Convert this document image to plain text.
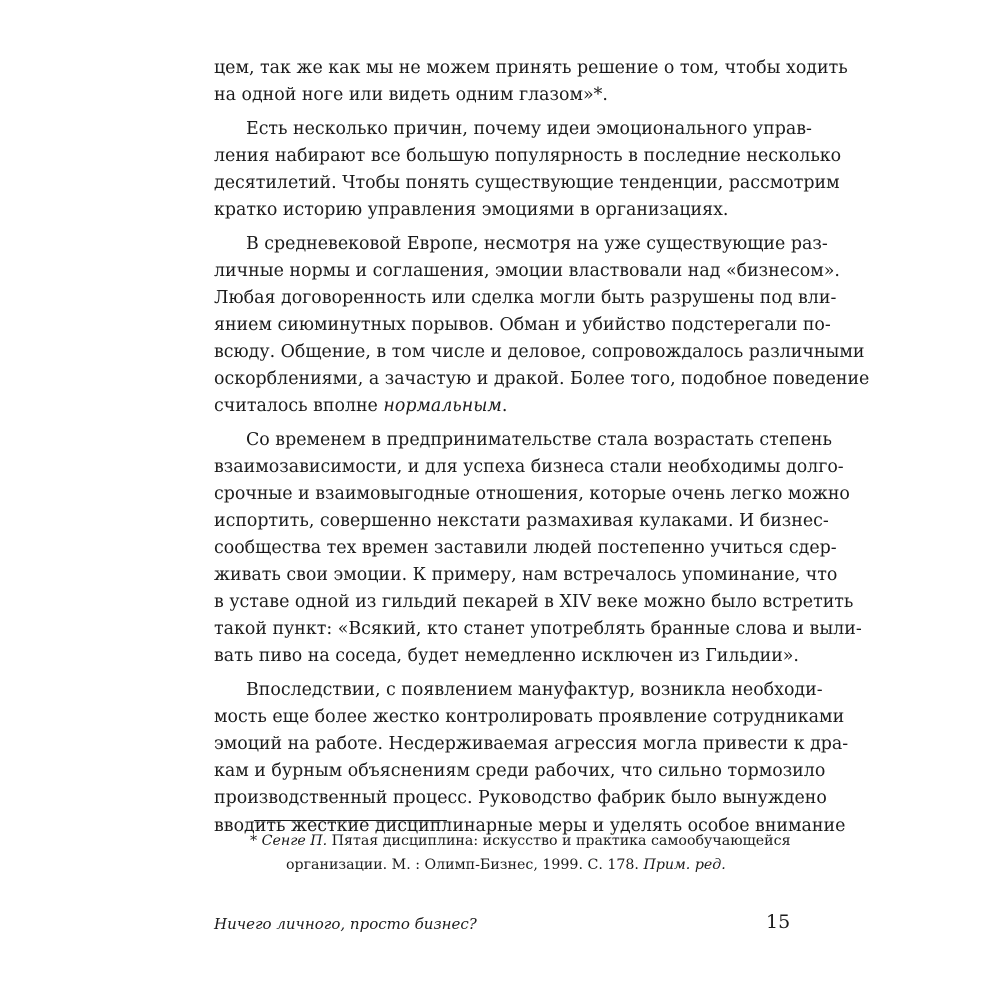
цем, так же как мы не можем принять решение о том, чтобы ходить
на одной ноге или видеть одним глазом»*.
Есть несколько причин, почему идеи эмоционального управ-
ления набирают все большую популярность в последние несколько
десятилетий. Чтобы понять существующие тенденции, рассмотрим
кратко историю управления эмоциями в организациях.
В средневековой Европе, несмотря на уже существующие раз-
личные нормы и соглашения, эмоции властвовали над «бизнесом».
Любая договоренность или сделка могли быть разрушены под вли-
янием сиюминутных порывов. Обман и убийство подстерегали по-
всюду. Общение, в том числе и деловое, сопровождалось различными
оскорблениями, а зачастую и дракой. Более того, подобное поведение
считалось вполне нормальным.
Со временем в предпринимательстве стала возрастать степень
взаимозависимости, и для успеха бизнеса стали необходимы долго-
срочные и взаимовыгодные отношения, которые очень легко можно
испортить, совершенно некстати размахивая кулаками. И бизнес-
сообщества тех времен заставили людей постепенно учиться сдер-
живать свои эмоции. К примеру, нам встречалось упоминание, что
в уставе одной из гильдий пекарей в XIV веке можно было встретить
такой пункт: «Всякий, кто станет употреблять бранные слова и выли-
вать пиво на соседа, будет немедленно исключен из Гильдии».
Впоследствии, с появлением мануфактур, возникла необходи-
мость еще более жестко контролировать проявление сотрудниками
эмоций на работе. Несдерживаемая агрессия могла привести к дра-
кам и бурным объяснениям среди рабочих, что сильно тормозило
производственный процесс. Руководство фабрик было вынуждено
вводить жесткие дисциплинарные меры и уделять особое внимание
* Сенге П. Пятая дисциплина: искусство и практика самообучающейся
организации. М. : Олимп-Бизнес, 1999. С. 178. Прим. ред.
Ничего личного, просто бизнес?	15
